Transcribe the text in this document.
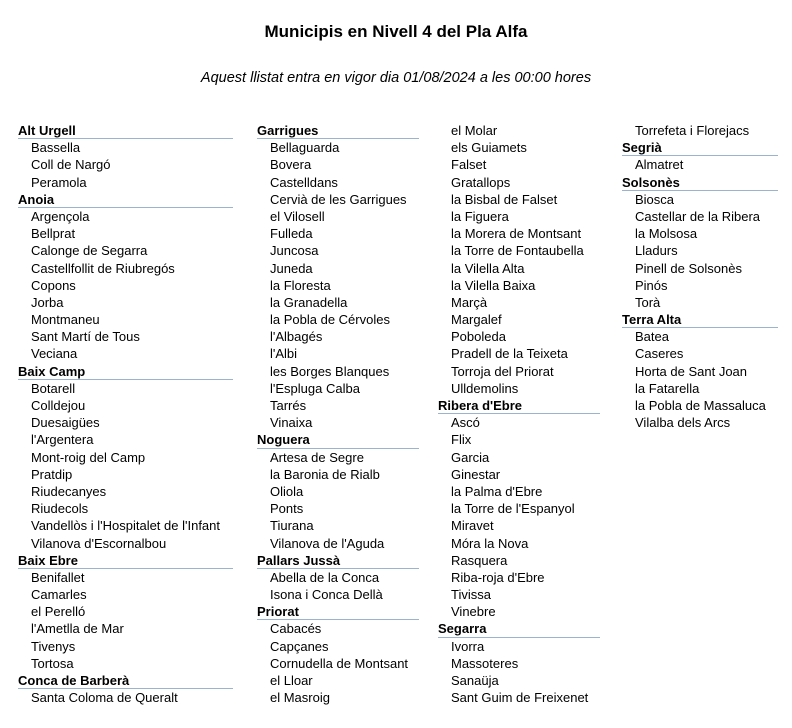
Municipis en Nivell 4 del Pla Alfa
Aquest llistat entra en vigor dia 01/08/2024 a les 00:00 hores
Alt Urgell
Bassella
Coll de Nargó
Peramola
Anoia
Argençola
Bellprat
Calonge de Segarra
Castellfollit de Riubregós
Copons
Jorba
Montmaneu
Sant Martí de Tous
Veciana
Baix Camp
Botarell
Colldejou
Duesaigües
l'Argentera
Mont-roig del Camp
Pratdip
Riudecanyes
Riudecols
Vandellòs i l'Hospitalet de l'Infant
Vilanova d'Escornalbou
Baix Ebre
Benifallet
Camarles
el Perelló
l'Ametlla de Mar
Tivenys
Tortosa
Conca de Barberà
Santa Coloma de Queralt
Garrigues
Bellaguarda
Bovera
Castelldans
Cervià de les Garrigues
el Vilosell
Fulleda
Juncosa
Juneda
la Floresta
la Granadella
la Pobla de Cérvoles
l'Albagés
l'Albi
les Borges Blanques
l'Espluga Calba
Tarrés
Vinaixa
Noguera
Artesa de Segre
la Baronia de Rialb
Oliola
Ponts
Tiurana
Vilanova de l'Aguda
Pallars Jussà
Abella de la Conca
Isona i Conca Dellà
Priorat
Cabacés
Capçanes
Cornudella de Montsant
el Lloar
el Masroig
el Molar
els Guiamets
Falset
Gratallops
la Bisbal de Falset
la Figuera
la Morera de Montsant
la Torre de Fontaubella
la Vilella Alta
la Vilella Baixa
Marçà
Margalef
Poboleda
Pradell de la Teixeta
Torroja del Priorat
Ulldemolins
Ribera d'Ebre
Ascó
Flix
Garcia
Ginestar
la Palma d'Ebre
la Torre de l'Espanyol
Miravet
Móra la Nova
Rasquera
Riba-roja d'Ebre
Tivissa
Vinebre
Segarra
Ivorra
Massoteres
Sanaüja
Sant Guim de Freixenet
Torrefeta i Florejacs
Segrià
Almatret
Solsonès
Biosca
Castellar de la Ribera
la Molsosa
Lladurs
Pinell de Solsonès
Pinós
Torà
Terra Alta
Batea
Caseres
Horta de Sant Joan
la Fatarella
la Pobla de Massaluca
Vilalba dels Arcs
